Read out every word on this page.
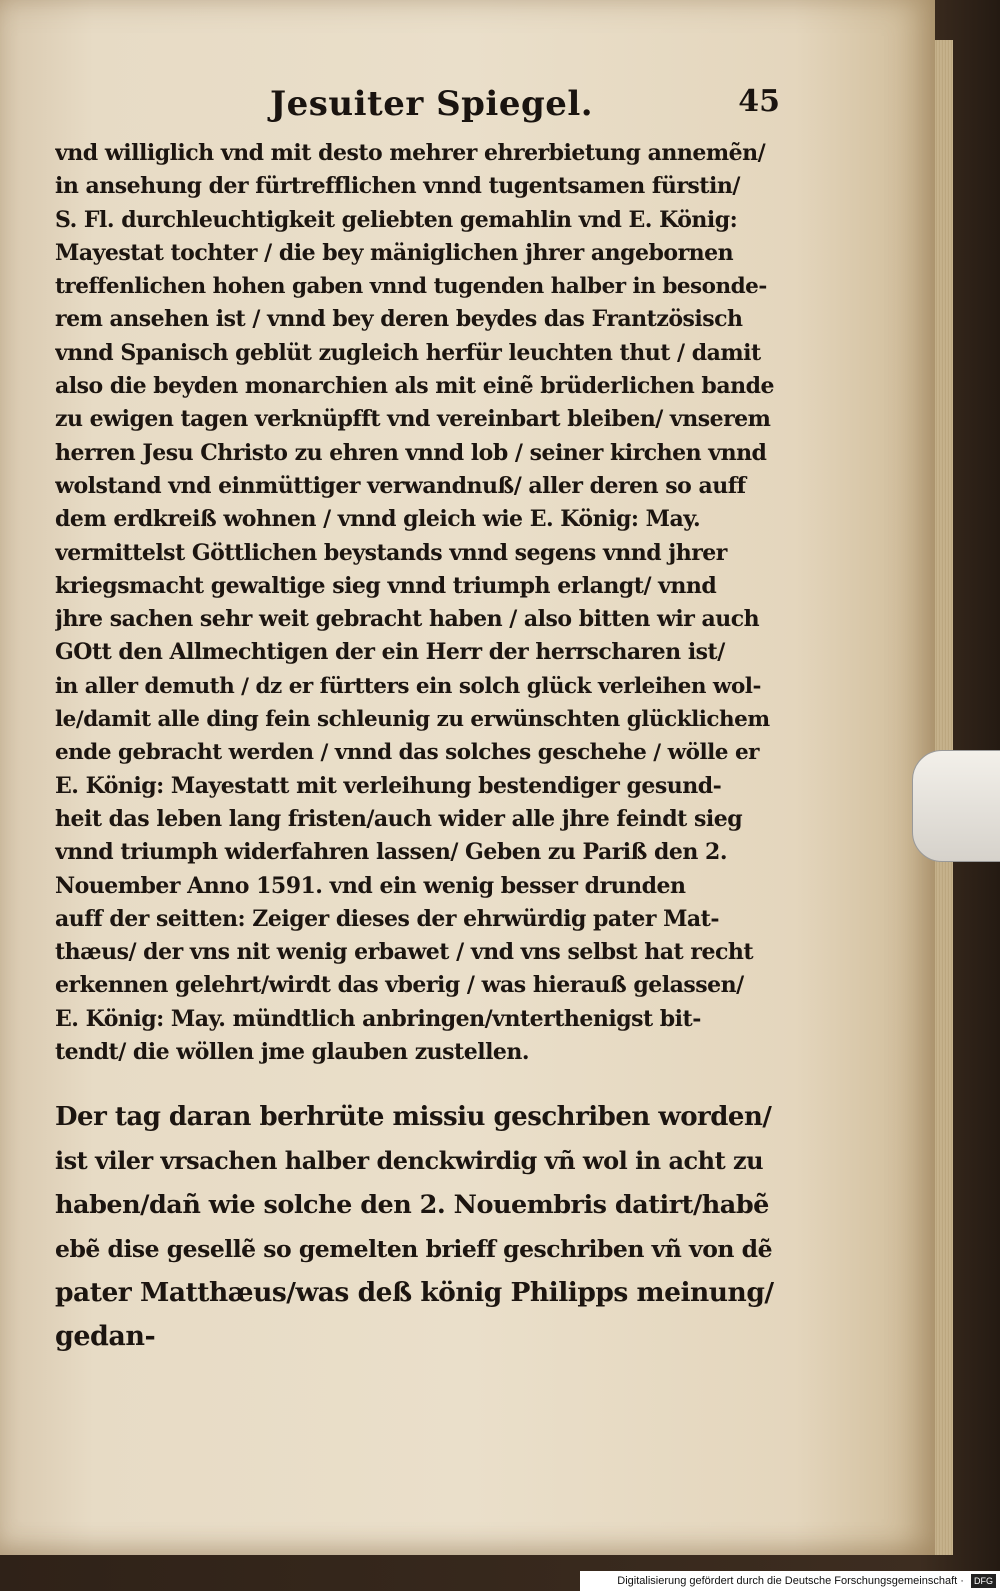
Jesuiter Spiegel.	45
vnd williglich vnd mit desto mehrer ehrerbietung annemẽn/
in ansehung der fürtrefflichen vnnd tugentsamen fürstin/
S. Fl. durchleuchtigkeit geliebten gemahlin vnd E. König:
Mayestat tochter / die bey mäniglichen jhrer angebornen
treffenlichen hohen gaben vnnd tugenden halber in besonde-
rem ansehen ist / vnnd bey deren beydes das Frantzösisch
vnnd Spanisch geblüt zugleich herfür leuchten thut / damit
also die beyden monarchien als mit einẽ brüderlichen bande
zu ewigen tagen verknüpfft vnd vereinbart bleiben/ vnserem
herren Jesu Christo zu ehren vnnd lob / seiner kirchen vnnd
wolstand vnd einmüttiger verwandnuß/ aller deren so auff
dem erdkreiß wohnen / vnnd gleich wie E. König: May.
vermittelst Göttlichen beystands vnnd segens vnnd jhrer
kriegsmacht gewaltige sieg vnnd triumph erlangt/ vnnd
jhre sachen sehr weit gebracht haben / also bitten wir auch
GOtt den Allmechtigen der ein Herr der herrscharen ist/
in aller demuth / dz er fürtters ein solch glück verleihen wol-
le/damit alle ding fein schleunig zu erwünschten glücklichem
ende gebracht werden / vnnd das solches geschehe / wölle er
E. König: Mayestatt mit verleihung bestendiger gesund-
heit das leben lang fristen/auch wider alle jhre feindt sieg
vnnd triumph widerfahren lassen/ Geben zu Pariß den 2.
Nouember Anno 1591. vnd ein wenig besser drunden
auff der seitten: Zeiger dieses der ehrwürdig pater Mat-
thæus/ der vns nit wenig erbawet / vnd vns selbst hat recht
erkennen gelehrt/wirdt das vberig / was hierauß gelassen/
E. König: May. mündtlich anbringen/vnterthenigst bit-
tendt/ die wöllen jme glauben zustellen.
Der tag daran berhrüte missiu geschriben worden/
ist viler vrsachen halber denckwirdig vñ wol in acht zu
haben/dañ wie solche den 2. Nouembris datirt/habẽ
ebẽ dise gesellẽ so gemelten brieff geschriben vñ von dẽ
pater Matthæus/was deß könig Philipps meinung/
gedan-
Digitalisierung gefördert durch die Deutsche Forschungsgemeinschaft · DFG
